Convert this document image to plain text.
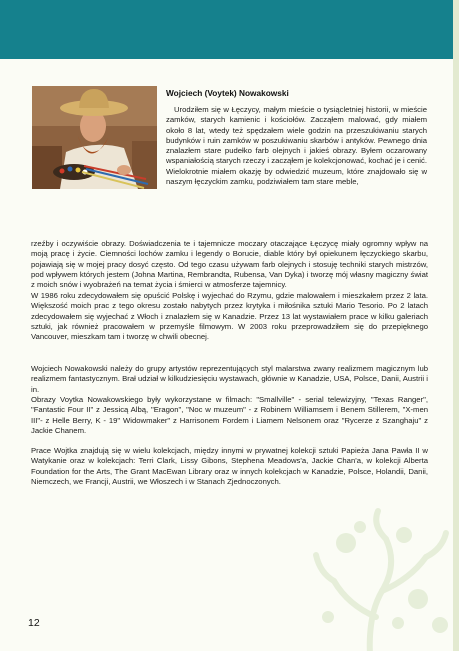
Wojciech (Voytek) Nowakowski

Urodziłem się w Łęczycy, małym mieście o tysiącletniej historii, w mieście zamków, starych kamienic i kościołów. Zacząłem malować, gdy miałem około 8 lat, wtedy też spędzałem wiele godzin na przeszukiwaniu starych budynków i ruin zamków w poszukiwaniu skarbów i antyków. Pewnego dnia znalazłem stare pudełko farb olejnych i jakieś obrazy. Byłem oczarowany wspaniałością starych rzeczy i zacząłem je kolekcjonować, kochać je i cenić. Wielokrotnie miałem okazję by odwiedzić muzeum, które znajdowało się w naszym łęczyckim zamku, podziwiałem tam stare meble,

rzeźby i oczywiście obrazy. Doświadczenia te i tajemnicze moczary otaczające Łęczycę miały ogromny wpływ na moją pracę i życie. Ciemności lochów zamku i legendy o Borucie, diable który był opiekunem łęczyckiego skarbu, pojawiają się w mojej pracy dosyć często. Od tego czasu używam farb olejnych i stosuję techniki starych mistrzów, pod wpływem których jestem (Johna Martina, Rembrandta, Rubensa, Van Dyka) i tworzę mój własny magiczny świat z moich snów i wyobrażeń na temat życia i śmierci w atmosferze tajemnicy.

W 1986 roku zdecydowałem się opuścić Polskę i wyjechać do Rzymu, gdzie malowałem i mieszkałem przez 2 lata. Większość moich prac z tego okresu zostało nabytych przez krytyka i miłośnika sztuki Mario Tesorio. Po 2 latach zdecydowałem się wyjechać z Włoch i znalazłem się w Kanadzie. Przez 13 lat wystawiałem prace w kilku galeriach sztuki, jak również pracowałem w przemyśle filmowym. W 2003 roku przeprowadziłem się do przepięknego Vancouver, mieszkam tam i tworzę w chwili obecnej.

Wojciech Nowakowski należy do grupy artystów reprezentujących styl malarstwa zwany realizmem magicznym lub realizmem fantastycznym. Brał udział w kilkudziesięciu wystawach, głównie w Kanadzie, USA, Polsce, Danii, Austrii i in.

Obrazy Voytka Nowakowskiego były wykorzystane w filmach: "Smallville" - serial telewizyjny, "Texas Ranger", "Fantastic Four II" z Jessicą Albą, "Eragon", "Noc w muzeum" - z Robinem Williamsem i Benem Stillerem, "X-men III"- z Helle Berry, K - 19" Widowmaker" z Harrisonem Fordem i Liamem Nelsonem oraz "Rycerze z Szanghaju" z Jackie Chanem.

Prace Wojtka znajdują się w wielu kolekcjach, między innymi w prywatnej kolekcji sztuki Papieża Jana Pawła II w Watykanie oraz w kolekcjach: Terri Clark, Lissy Gibons, Stephena Meadows'a, Jackie Chan'a, w kolekcji Alberta Foundation for the Arts, The Grant MacEwan Library oraz w innych kolekcjach w Kanadzie, Polsce, Holandii, Danii, Niemczech, we Francji, Austrii, we Włoszech i w Stanach Zjednoczonych.

12
